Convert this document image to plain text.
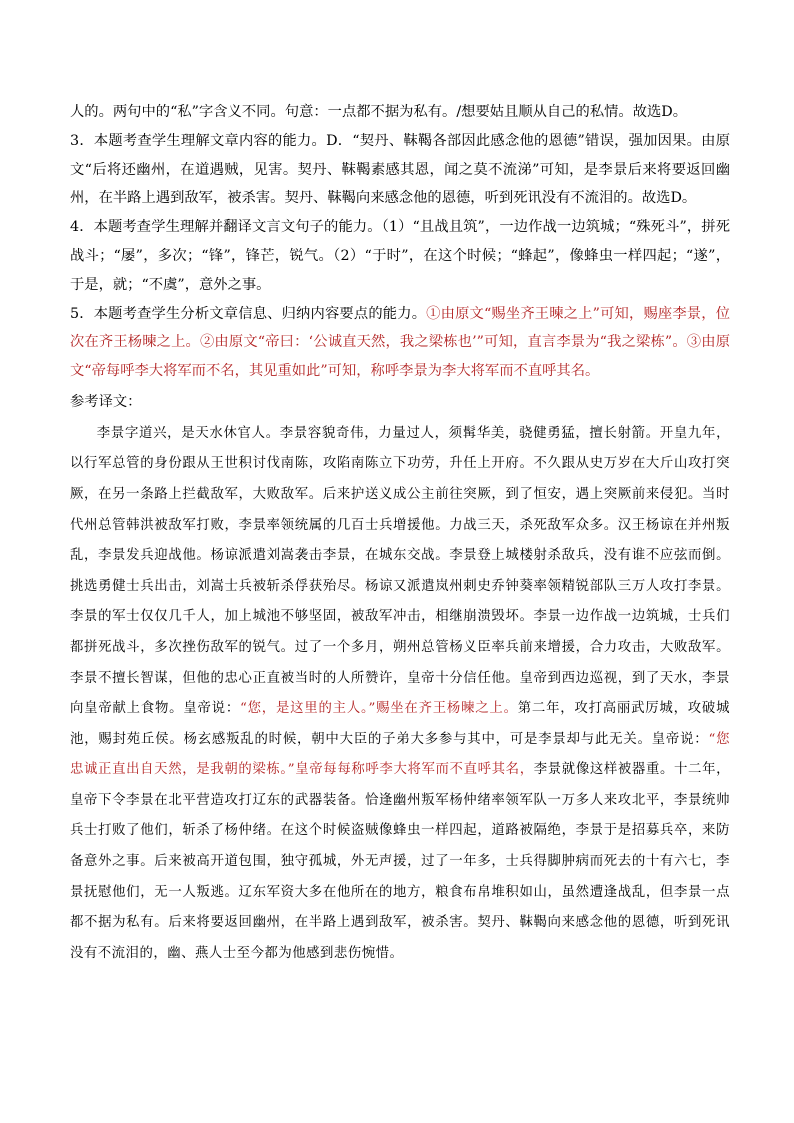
人的。两句中的“私”字含义不同。句意：一点都不据为私有。/想要姑且顺从自己的私情。故选D。

3．本题考查学生理解文章内容的能力。D．“契丹、靺鞨各部因此感念他的恩德”错误，强加因果。由原文“后将还幽州，在道遇贼，见害。契丹、靺鞨素感其恩，闻之莫不流涕”可知，是李景后来将要返回幽州，在半路上遇到敌军，被杀害。契丹、靺鞨向来感念他的恩德，听到死讯没有不流泪的。故选D。

4．本题考查学生理解并翻译文言文句子的能力。（1）“且战且筑”，一边作战一边筑城；“殊死斗”，拼死战斗；“屡”，多次；“锋”，锋芒，锐气。（2）“于时”，在这个时候；“蜂起”，像蜂虫一样四起；“遂”，于是，就；“不虞”，意外之事。

5．本题考查学生分析文章信息、归纳内容要点的能力。①由原文“赐坐齐王暕之上”可知，赐座李景，位次在齐王杨暕之上。②由原文“帝曰：‘公诚直天然，我之梁栋也’”可知，直言李景为“我之梁栋”。③由原文“帝每呼李大将军而不名，其见重如此”可知，称呼李景为李大将军而不直呼其名。

参考译文：

李景字道兴，是天水休官人。李景容貌奇伟，力量过人，须髯华美，骁健勇猛，擅长射箭。开皇九年，以行军总管的身份跟从王世积讨伐南陈，攻陷南陈立下功劳，升任上开府。不久跟从史万岁在大斤山攻打突厥，在另一条路上拦截敌军，大败敌军。后来护送义成公主前往突厥，到了恒安，遇上突厥前来侵犯。当时代州总管韩洪被敌军打败，李景率领统属的几百士兵增援他。力战三天，杀死敌军众多。汉王杨谅在并州叛乱，李景发兵迎战他。杨谅派遣刘嵩袭击李景，在城东交战。李景登上城楼射杀敌兵，没有谁不应弦而倒。挑选勇健士兵出击，刘嵩士兵被斩杀俘获殆尽。杨谅又派遣岚州刺史乔钟葵率领精锐部队三万人攻打李景。李景的军士仅仅几千人，加上城池不够坚固，被敌军冲击，相继崩溃毁坏。李景一边作战一边筑城，士兵们都拼死战斗，多次挫伤敌军的锐气。过了一个多月，朔州总管杨义臣率兵前来增援，合力攻击，大败敌军。李景不擅长智谋，但他的忠心正直被当时的人所赞许，皇帝十分信任他。皇帝到西边巡视，到了天水，李景向皇帝献上食物。皇帝说：“您，是这里的主人。”赐坐在齐王杨暕之上。第二年，攻打高丽武厉城，攻破城池，赐封苑丘侯。杨玄感叛乱的时候，朝中大臣的子弟大多参与其中，可是李景却与此无关。皇帝说：“您忠诚正直出自天然，是我朝的梁栋。”皇帝每每称呼李大将军而不直呼其名，李景就像这样被器重。十二年，皇帝下令李景在北平营造攻打辽东的武器装备。恰逢幽州叛军杨仲绪率领军队一万多人来攻北平，李景统帅兵士打败了他们，斩杀了杨仲绪。在这个时候盗贼像蜂虫一样四起，道路被隔绝，李景于是招募兵卒，来防备意外之事。后来被高开道包围，独守孤城，外无声援，过了一年多，士兵得脚肿病而死去的十有六七，李景抚慰他们，无一人叛逃。辽东军资大多在他所在的地方，粮食布帛堆积如山，虽然遭逢战乱，但李景一点都不据为私有。后来将要返回幽州，在半路上遇到敌军，被杀害。契丹、靺鞨向来感念他的恩德，听到死讯没有不流泪的，幽、燕人士至今都为他感到悲伤惋惜。
